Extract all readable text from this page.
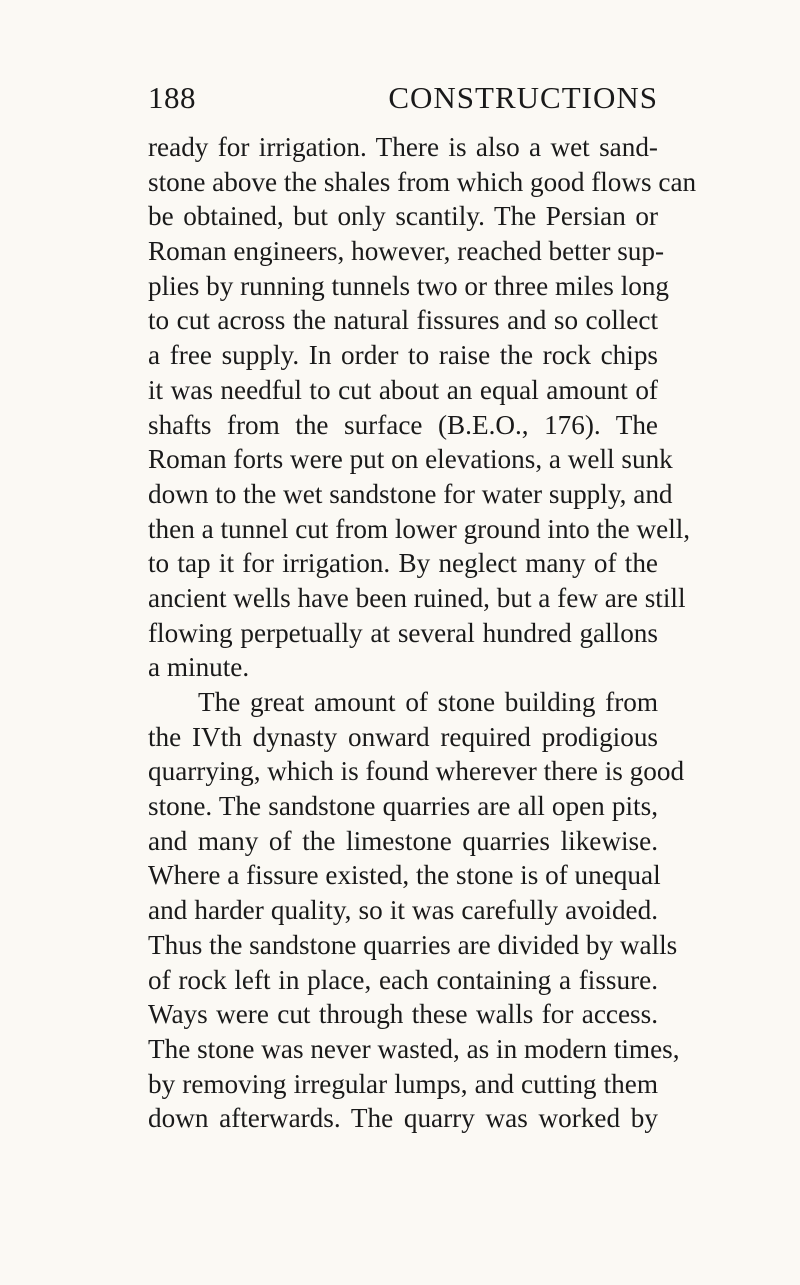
188	CONSTRUCTIONS
ready for irrigation. There is also a wet sand-
stone above the shales from which good flows can
be obtained, but only scantily. The Persian or
Roman engineers, however, reached better sup-
plies by running tunnels two or three miles long
to cut across the natural fissures and so collect
a free supply. In order to raise the rock chips
it was needful to cut about an equal amount of
shafts from the surface (B.E.O., 176). The
Roman forts were put on elevations, a well sunk
down to the wet sandstone for water supply, and
then a tunnel cut from lower ground into the well,
to tap it for irrigation. By neglect many of the
ancient wells have been ruined, but a few are still
flowing perpetually at several hundred gallons
a minute.
The great amount of stone building from
the IVth dynasty onward required prodigious
quarrying, which is found wherever there is good
stone. The sandstone quarries are all open pits,
and many of the limestone quarries likewise.
Where a fissure existed, the stone is of unequal
and harder quality, so it was carefully avoided.
Thus the sandstone quarries are divided by walls
of rock left in place, each containing a fissure.
Ways were cut through these walls for access.
The stone was never wasted, as in modern times,
by removing irregular lumps, and cutting them
down afterwards. The quarry was worked by
